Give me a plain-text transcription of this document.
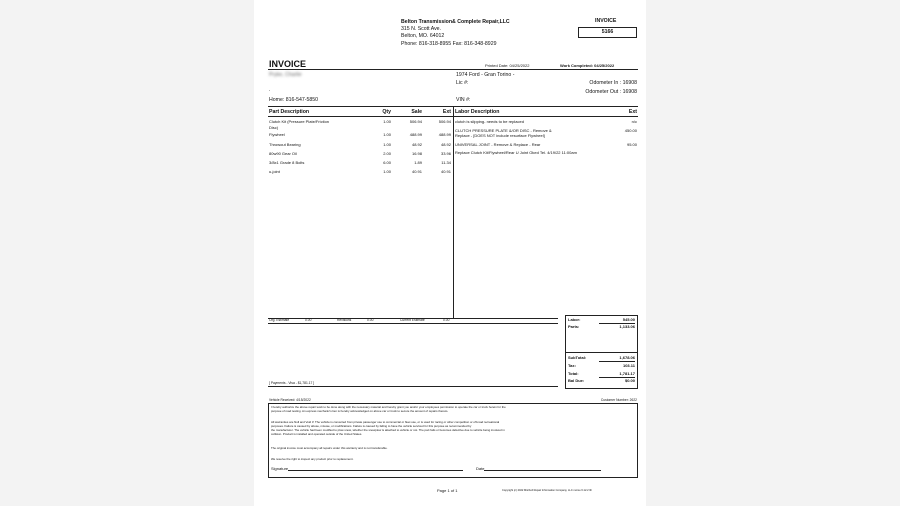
Belton Transmission& Complete Repair,LLC
315 N. Scott Ave.
Belton, MO. 64012
Phone: 816-318-8955 Fax: 816-348-8929
INVOICE
5166
INVOICE	Printed Date: 04/25/2022	Work Completed: 04/25/2022
Pryke, Charlie
.
Home: 816-547-5850
1974 Ford - Gran Torino -
Lic #:
VIN #:
Odometer In : 16908
Odometer Out : 16908
Part Description	Qty	Sale	Ext Labor Description	Ext
Clutch Kit (Pressure Plate/Friction
Disc)
1.00	506.94	506.94
Flywheel	1.00	488.99	488.99
Throwout Bearing	1.00	48.92	48.92
80w90 Gear Oil	2.00	16.98	33.96
3/8x1 Grade 8 Bolts	6.00	1.89	11.34
u-joint	1.00	40.91	40.91
clutch is slipping- needs to be replaced	n/c
CLUTCH PRESSURE PLATE &/OR DISC - Remove &	450.00
Replace - [DOES NOT include resurface Flywheel]
UNIVERSAL JOINT - Remove & Replace - Rear	95.00
Replace Clutch Kit/Flywheel/Rear U Joint Oked Tel. 4/19/22 11:00am
Org. Estimate	0.00	Revisions	0.00	Current Estimate	0.00	Labor:	545.00
Parts:	1,133.06
SubTotal:	1,678.06
Tax:	103.11
Total:	1,781.17
Bal Due:	$0.00
[ Payments - Visa - $1,781.17 ]
Vehicle Received: 4/15/2022	Customer Number: 2622
I hereby authorize the above repair work to be done along with the necessary material and hereby grant you and/or your employees permission to operate the car or truck herein for the
purpose of road testing. An express mechanic's lien is hereby acknowledged on above car or truck to secure the amount of repairs thereto.
All warranties are Null and Void if: The vehicle is converted from private passenger use to commercial or fleet use, or is used for racing or other competition or off-road recreational
purposes. Failure is caused by abuse, misuse, or modifications. Failure is caused by failing to have the vehicle serviced for this purpose as recommended by
the manufacturer. The vehicle had been modified to plow snow, whether the snowplow is attached to vehicle or not. The part fails or becomes defective due to vehicle being involved in
collision. Product is installed and operated outside of the United States.
The original invoice must accompany all repairs under this warranty and is not transferable.
We reserve the right to inspect any product prior to replacement.
Signature	Date
Page 1 of 1	Copyright (c) 2022 Mitchell Repair Information Company, LLC mome 6.12.2 lih
